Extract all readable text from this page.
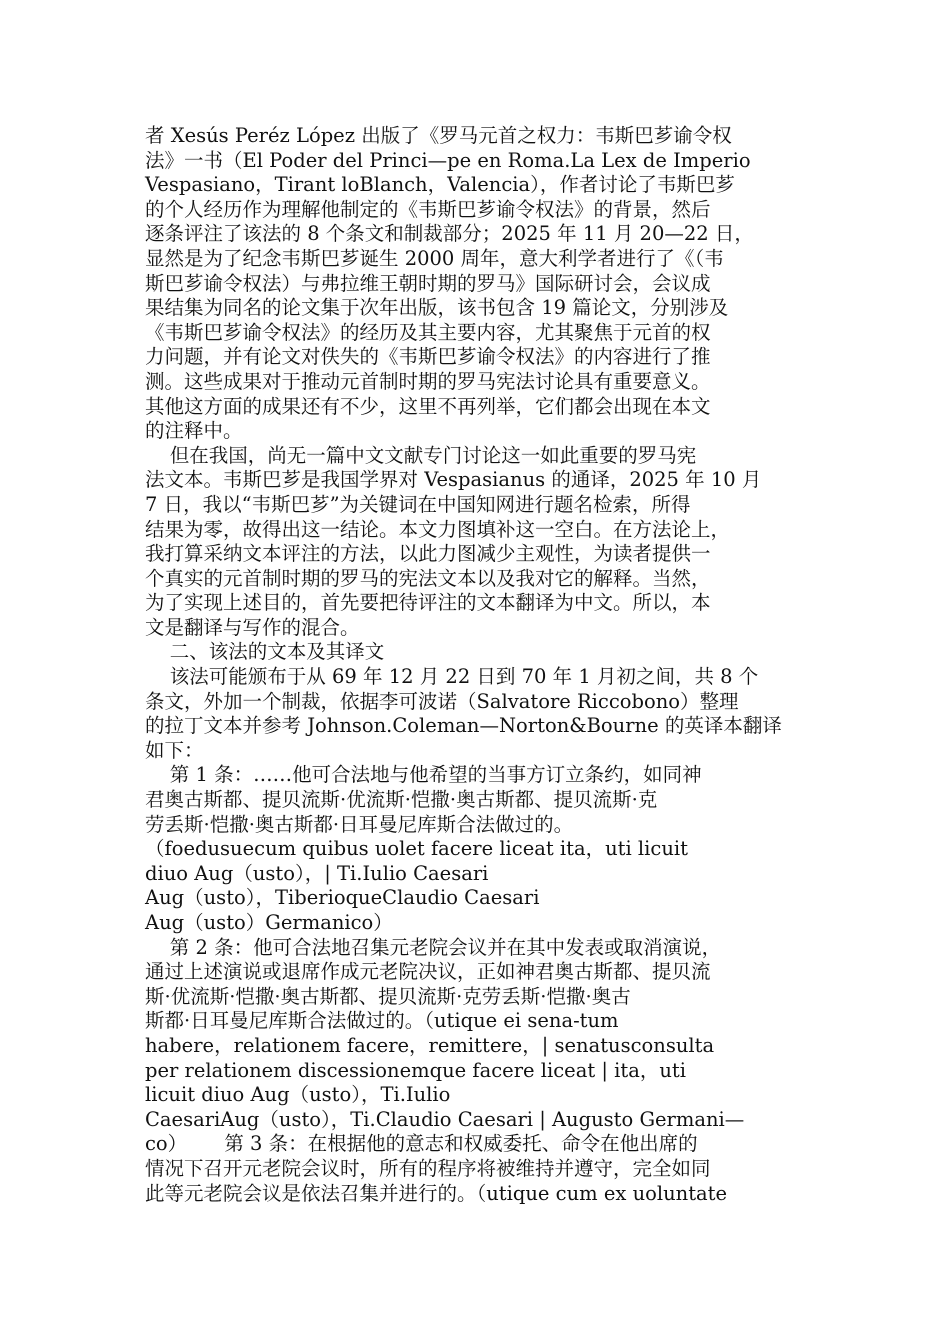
者 Xesús Peréz López 出版了《罗马元首之权力：韦斯巴芗谕令权
法》一书（El Poder del Princi—pe en Roma.La Lex de Imperio
Vespasiano，Tirant loBlanch，Valencia），作者讨论了韦斯巴芗
的个人经历作为理解他制定的《韦斯巴芗谕令权法》的背景，然后
逐条评注了该法的 8 个条文和制裁部分；2025 年 11 月 20—22 日，
显然是为了纪念韦斯巴芗诞生 2000 周年，意大利学者进行了《（韦
斯巴芗谕令权法）与弗拉维王朝时期的罗马》国际研讨会，会议成
果结集为同名的论文集于次年出版，该书包含 19 篇论文，分别涉及
《韦斯巴芗谕令权法》的经历及其主要内容，尤其聚焦于元首的权
力问题，并有论文对佚失的《韦斯巴芗谕令权法》的内容进行了推
测。这些成果对于推动元首制时期的罗马宪法讨论具有重要意义。
其他这方面的成果还有不少，这里不再列举，它们都会出现在本文
的注释中。
但在我国，尚无一篇中文文献专门讨论这一如此重要的罗马宪
法文本。韦斯巴芗是我国学界对 Vespasianus 的通译，2025 年 10 月
7 日，我以“韦斯巴芗”为关键词在中国知网进行题名检索，所得
结果为零，故得出这一结论。本文力图填补这一空白。在方法论上，
我打算采纳文本评注的方法，以此力图减少主观性，为读者提供一
个真实的元首制时期的罗马的宪法文本以及我对它的解释。当然，
为了实现上述目的，首先要把待评注的文本翻译为中文。所以，本
文是翻译与写作的混合。
二、该法的文本及其译文
该法可能颁布于从 69 年 12 月 22 日到 70 年 1 月初之间，共 8 个
条文，外加一个制裁，依据李可波诺（Salvatore Riccobono）整理
的拉丁文本并参考 Johnson.Coleman—Norton&Bourne 的英译本翻译
如下：
第 1 条：……他可合法地与他希望的当事方订立条约，如同神
君奥古斯都、提贝流斯·优流斯·恺撒·奥古斯都、提贝流斯·克
劳丢斯·恺撒·奥古斯都·日耳曼尼库斯合法做过的。
（foedusuecum quibus uolet facere liceat ita，uti licuit
diuo Aug（usto），| Ti.Iulio Caesari
Aug（usto），TiberioqueClaudio Caesari
Aug（usto）Germanico）
第 2 条：他可合法地召集元老院会议并在其中发表或取消演说，
通过上述演说或退席作成元老院决议，正如神君奥古斯都、提贝流
斯·优流斯·恺撒·奥古斯都、提贝流斯·克劳丢斯·恺撒·奥古
斯都·日耳曼尼库斯合法做过的。（utique ei sena-tum
habere，relationem facere，remittere，| senatusconsulta
per relationem discessionemque facere liceat | ita，uti
licuit diuo Aug（usto），Ti.Iulio
CaesariAug（usto），Ti.Claudio Caesari | Augusto Germani—
co）      第 3 条：在根据他的意志和权威委托、命令在他出席的
情况下召开元老院会议时，所有的程序将被维持并遵守，完全如同
此等元老院会议是依法召集并进行的。（utique cum ex uoluntate
